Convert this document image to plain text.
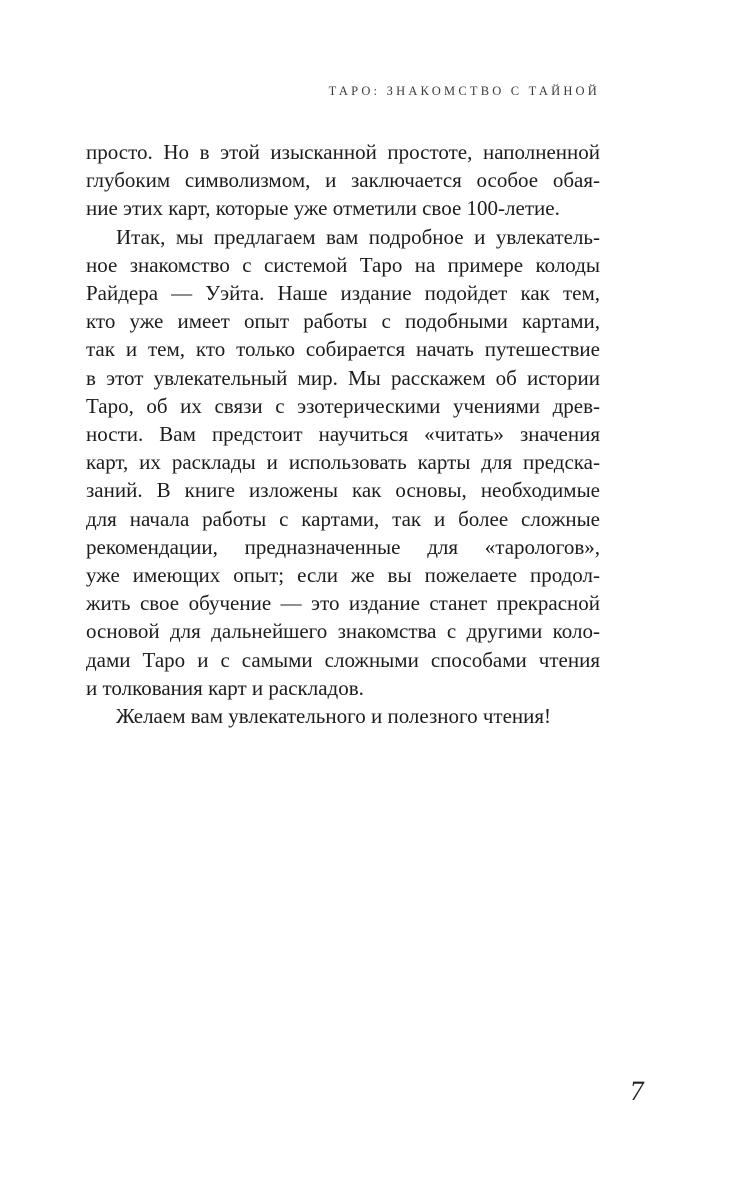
ТАРО: ЗНАКОМСТВО С ТАЙНОЙ
просто. Но в этой изысканной простоте, наполненной
глубоким символизмом, и заключается особое обая-
ние этих карт, которые уже отметили свое 100-летие.
Итак, мы предлагаем вам подробное и увлекатель-
ное знакомство с системой Таро на примере колоды
Райдера — Уэйта. Наше издание подойдет как тем,
кто уже имеет опыт работы с подобными картами,
так и тем, кто только собирается начать путешествие
в этот увлекательный мир. Мы расскажем об истории
Таро, об их связи с эзотерическими учениями древ-
ности. Вам предстоит научиться «читать» значения
карт, их расклады и использовать карты для предска-
заний. В книге изложены как основы, необходимые
для начала работы с картами, так и более сложные
рекомендации, предназначенные для «тарологов»,
уже имеющих опыт; если же вы пожелаете продол-
жить свое обучение — это издание станет прекрасной
основой для дальнейшего знакомства с другими коло-
дами Таро и с самыми сложными способами чтения
и толкования карт и раскладов.
Желаем вам увлекательного и полезного чтения!
7
